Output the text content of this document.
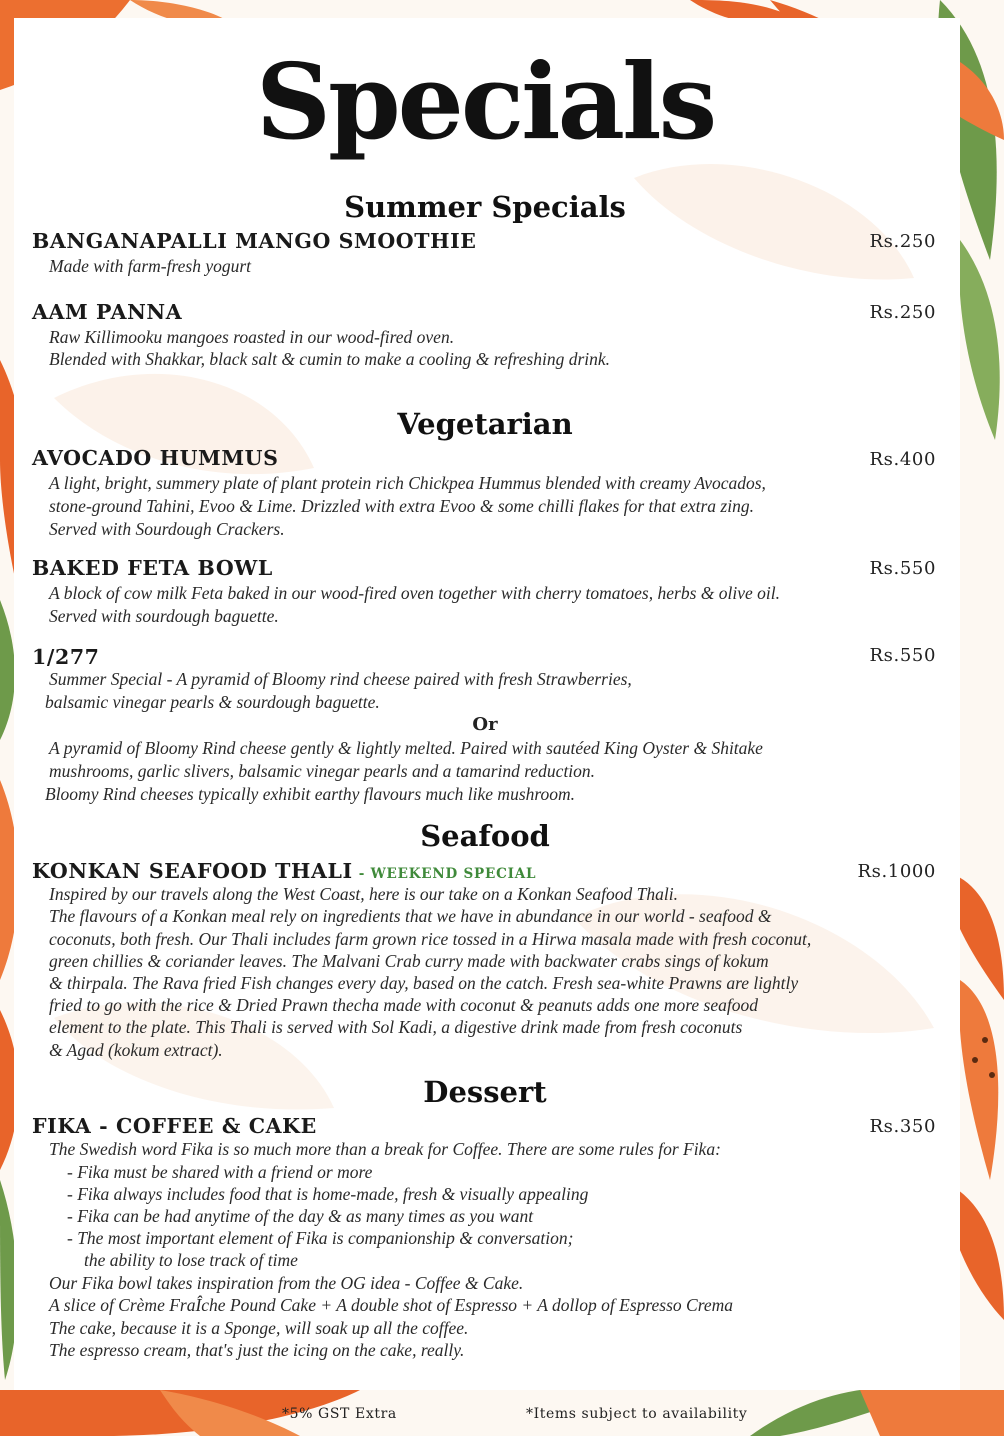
Specials
Summer Specials
BANGANAPALLI MANGO SMOOTHIE	Rs.250
Made with farm-fresh yogurt
AAM PANNA	Rs.250
Raw Killimooku mangoes roasted in our wood-fired oven.
Blended with Shakkar, black salt & cumin to make a cooling & refreshing drink.
Vegetarian
AVOCADO HUMMUS	Rs.400
A light, bright, summery plate of plant protein rich Chickpea Hummus blended with creamy Avocados,
stone-ground Tahini, Evoo & Lime. Drizzled with extra Evoo & some chilli flakes for that extra zing.
Served with Sourdough Crackers.
BAKED FETA BOWL	Rs.550
A block of cow milk Feta baked in our wood-fired oven together with cherry tomatoes, herbs & olive oil.
Served with sourdough baguette.
1/277	Rs.550
Summer Special - A pyramid of Bloomy rind cheese paired with fresh Strawberries,
balsamic vinegar pearls & sourdough baguette.
Or
A pyramid of Bloomy Rind cheese gently & lightly melted. Paired with sautéed King Oyster & Shitake
mushrooms, garlic slivers, balsamic vinegar pearls and a tamarind reduction.
Bloomy Rind cheeses typically exhibit earthy flavours much like mushroom.
Seafood
KONKAN SEAFOOD THALI - WEEKEND SPECIAL	Rs.1000
Inspired by our travels along the West Coast, here is our take on a Konkan Seafood Thali.
The flavours of a Konkan meal rely on ingredients that we have in abundance in our world - seafood &
coconuts, both fresh. Our Thali includes farm grown rice tossed in a Hirwa masala made with fresh coconut,
green chillies & coriander leaves. The Malvani Crab curry made with backwater crabs sings of kokum
& thirpala. The Rava fried Fish changes every day, based on the catch. Fresh sea-white Prawns are lightly
fried to go with the rice & Dried Prawn thecha made with coconut & peanuts adds one more seafood
element to the plate. This Thali is served with Sol Kadi, a digestive drink made from fresh coconuts
& Agad (kokum extract).
Dessert
FIKA - COFFEE & CAKE	Rs.350
The Swedish word Fika is so much more than a break for Coffee. There are some rules for Fika:
- Fika must be shared with a friend or more
- Fika always includes food that is home-made, fresh & visually appealing
- Fika can be had anytime of the day & as many times as you want
- The most important element of Fika is companionship & conversation;
the ability to lose track of time
Our Fika bowl takes inspiration from the OG idea - Coffee & Cake.
A slice of Crème FraÎche Pound Cake + A double shot of Espresso + A dollop of Espresso Crema
The cake, because it is a Sponge, will soak up all the coffee.
The espresso cream, that's just the icing on the cake, really.
*5% GST Extra	*Items subject to availability
